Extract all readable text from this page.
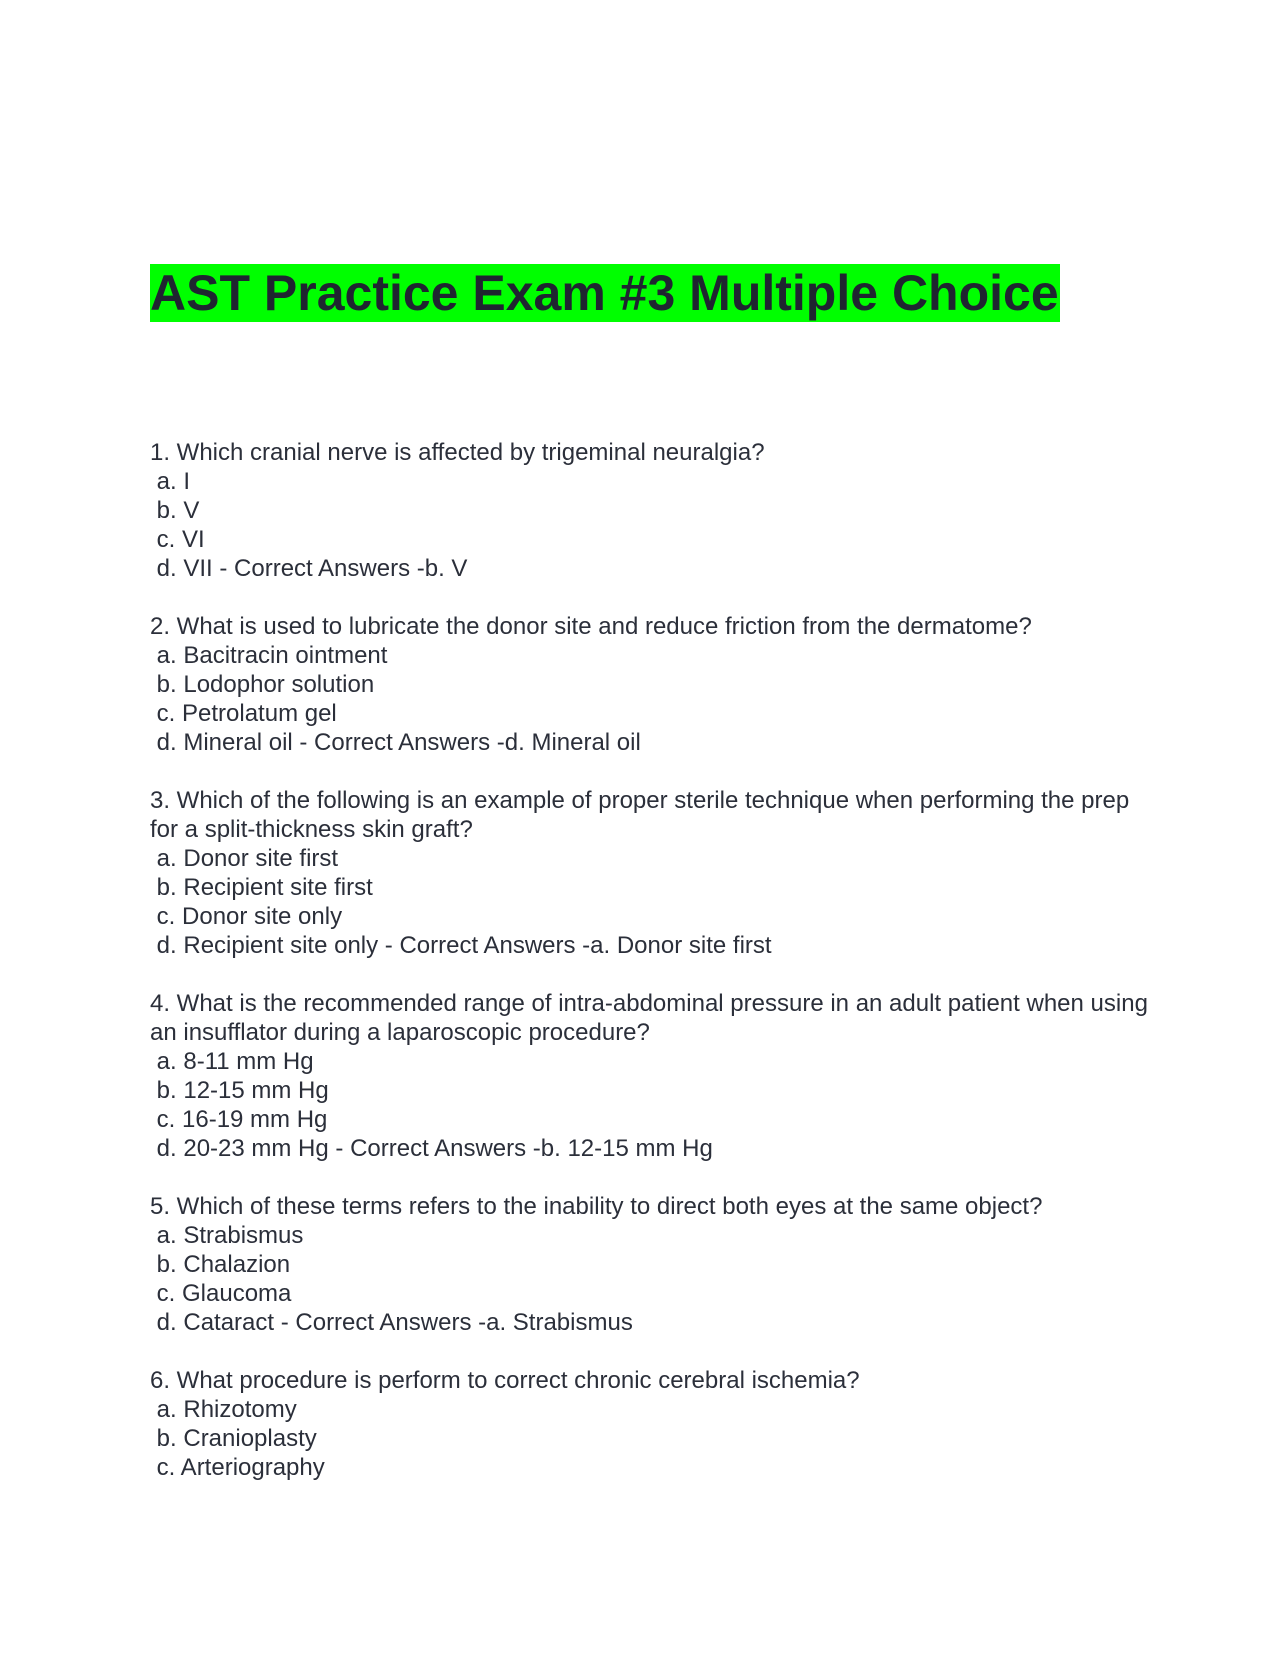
AST Practice Exam #3 Multiple Choice
1. Which cranial nerve is affected by trigeminal neuralgia?
a. I
b. V
c. VI
d. VII - Correct Answers -b. V
2. What is used to lubricate the donor site and reduce friction from the dermatome?
a. Bacitracin ointment
b. Lodophor solution
c. Petrolatum gel
d. Mineral oil - Correct Answers -d. Mineral oil
3. Which of the following is an example of proper sterile technique when performing the prep for a split-thickness skin graft?
a. Donor site first
b. Recipient site first
c. Donor site only
d. Recipient site only - Correct Answers -a. Donor site first
4. What is the recommended range of intra-abdominal pressure in an adult patient when using an insufflator during a laparoscopic procedure?
a. 8-11 mm Hg
b. 12-15 mm Hg
c. 16-19 mm Hg
d. 20-23 mm Hg - Correct Answers -b. 12-15 mm Hg
5. Which of these terms refers to the inability to direct both eyes at the same object?
a. Strabismus
b. Chalazion
c. Glaucoma
d. Cataract - Correct Answers -a. Strabismus
6. What procedure is perform to correct chronic cerebral ischemia?
a. Rhizotomy
b. Cranioplasty
c. Arteriography
